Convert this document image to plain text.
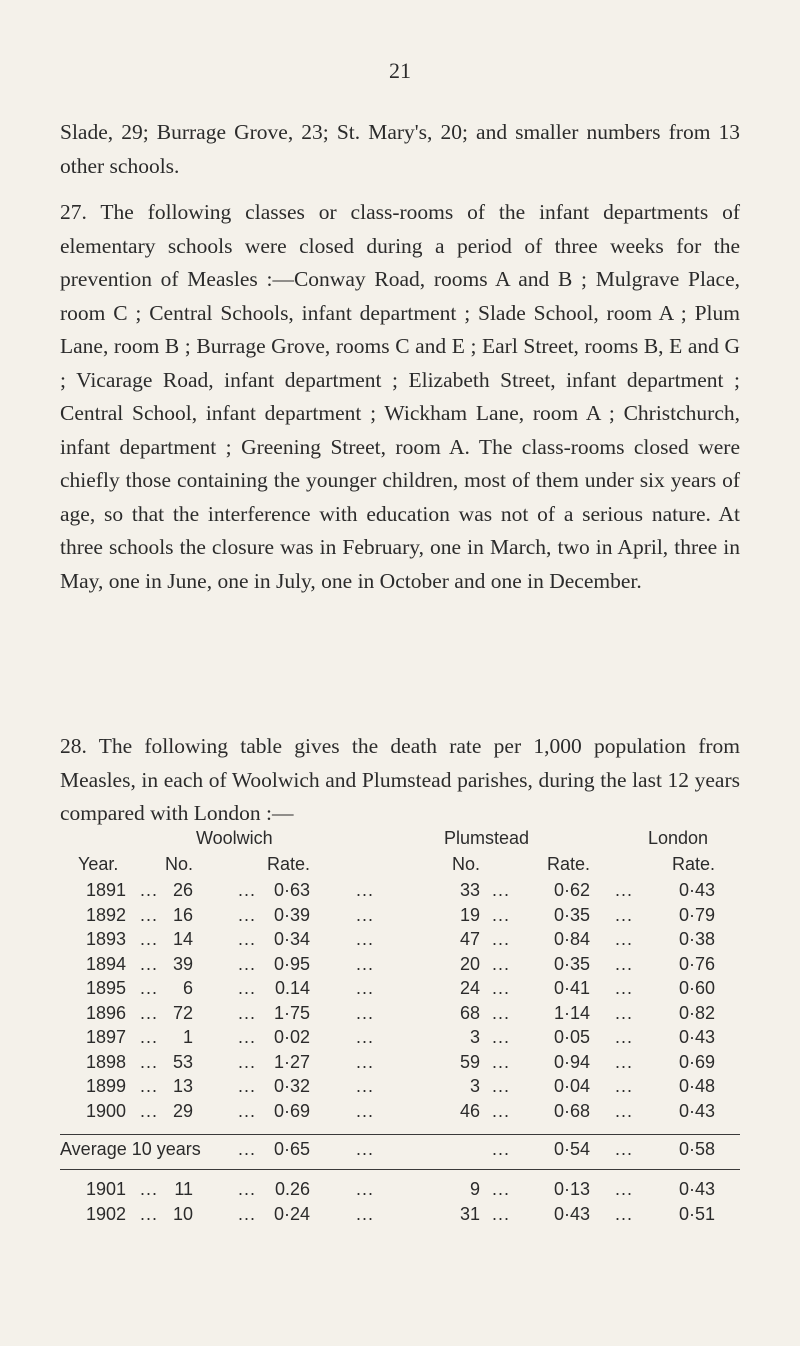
21

Slade, 29; Burrage Grove, 23; St. Mary's, 20; and smaller numbers from 13 other schools.

27. The following classes or class-rooms of the infant departments of elementary schools were closed during a period of three weeks for the prevention of Measles :—Conway Road, rooms A and B ; Mulgrave Place, room C ; Central Schools, infant department ; Slade School, room A ; Plum Lane, room B ; Burrage Grove, rooms C and E ; Earl Street, rooms B, E and G ; Vicarage Road, infant department ; Elizabeth Street, infant department ; Central School, infant department ; Wickham Lane, room A ; Christchurch, infant department ; Greening Street, room A. The class-rooms closed were chiefly those containing the younger children, most of them under six years of age, so that the interference with education was not of a serious nature. At three schools the closure was in February, one in March, two in April, three in May, one in June, one in July, one in October and one in December.

28. The following table gives the death rate per 1,000 population from Measles, in each of Woolwich and Plumstead parishes, during the last 12 years compared with London :—

Woolwich	Plumstead	London
Year.	No.	Rate.	No.	Rate.	Rate.
1891 ... 26	... 0·63	...	33 ...	0·62 ...	0·43
1892 ... 16	... 0·39	...	19 ...	0·35 ...	0·79
1893 ... 14	... 0·34	...	47 ...	0·84 ...	0·38
1894 ... 39	... 0·95	...	20 ...	0·35 ...	0·76
1895 ...	6	...	0.14	...	24 ...	0·41 ...	0·60
1896 ... 72	... 1·75	...	68 ...	1·14 ...	0·82
1897 ...	1	... 0·02	...	3 ...	0·05 ...	0·43
1898 ... 53	... 1·27	...	59 ...	0·94 ...	0·69
1899 ... 13	... 0·32	...	3 ...	0·04 ...	0·48
1900 ... 29	... 0·69	...	46 ...	0·68 ...	0·43
Average 10 years ... 0·65	...	...	0·54 ...	0·58
1901 ... 11	...	0.26	...	9 ...	0·13 ...	0·43
1902 ... 10	... 0·24	...	31 ...	0·43 ...	0·51
